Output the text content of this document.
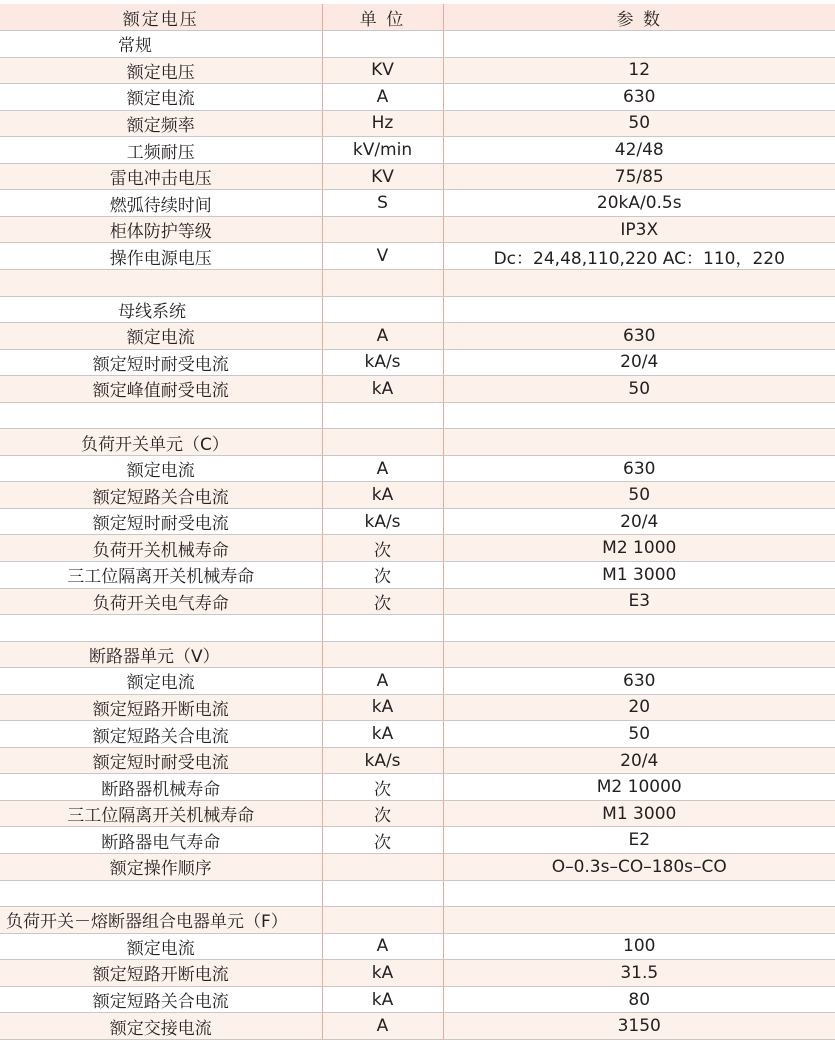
额定电压	单 位	参 数
常规		
额定电压	KV	12
额定电流	A	630
额定频率	Hz	50
工频耐压	kV/min	42/48
雷电冲击电压	KV	75/85
燃弧待续时间	S	20kA/0.5s
柜体防护等级		IP3X
操作电源电压	V	Dc：24,48,110,220 AC：110，220

母线系统		
额定电流	A	630
额定短时耐受电流	kA/s	20/4
额定峰值耐受电流	kA	50

负荷开关单元（C）		
额定电流	A	630
额定短路关合电流	kA	50
额定短时耐受电流	kA/s	20/4
负荷开关机械寿命	次	M2 1000
三工位隔离开关机械寿命	次	M1 3000
负荷开关电气寿命	次	E3

断路器单元（V）		
额定电流	A	630
额定短路开断电流	kA	20
额定短路关合电流	kA	50
额定短时耐受电流	kA/s	20/4
断路器机械寿命	次	M2 10000
三工位隔离开关机械寿命	次	M1 3000
断路器电气寿命	次	E2
额定操作顺序		O–0.3s–CO–180s–CO

负荷开关－熔断器组合电器单元（F）		
额定电流	A	100
额定短路开断电流	kA	31.5
额定短路关合电流	kA	80
额定交接电流	A	3150
